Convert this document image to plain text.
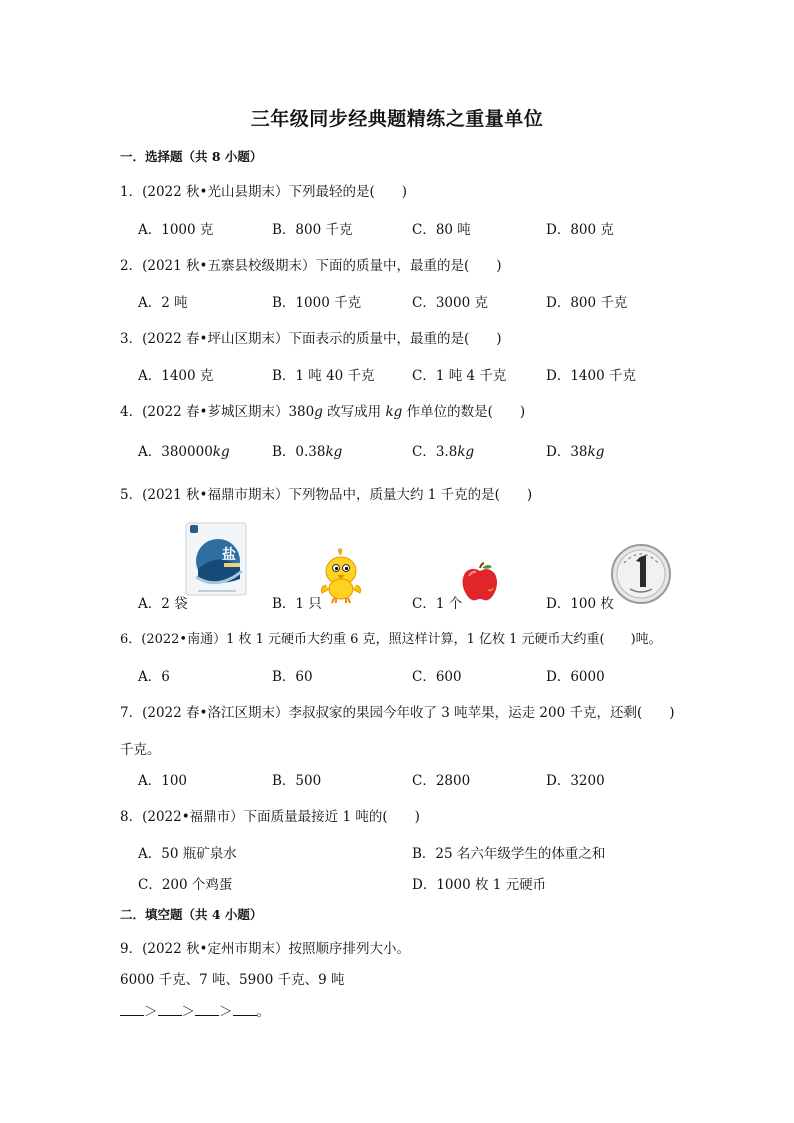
三年级同步经典题精练之重量单位
一．选择题（共 8 小题）
1．(2022 秋•光山县期末）下列最轻的是(　　)
A．1000 克	B．800 千克	C．80 吨	D．800 克
2．(2021 秋•五寨县校级期末）下面的质量中，最重的是(　　)
A．2 吨	B．1000 千克	C．3000 克	D．800 千克
3．(2022 春•坪山区期末）下面表示的质量中，最重的是(　　)
A．1400 克	B．1 吨 40 千克	C．1 吨 4 千克	D．1400 千克
4．(2022 春•芗城区期末）380g 改写成用 kg 作单位的数是(　　)
A．380000kg	B．0.38kg	C．3.8kg	D．38kg
5．(2021 秋•福鼎市期末）下列物品中，质量大约 1 千克的是(　　)
盐
A．2 袋	B．1 只	C．1 个	D．100 枚
6．(2022•南通）1 枚 1 元硬币大约重 6 克，照这样计算，1 亿枚 1 元硬币大约重(　　)吨。
A．6	B．60	C．600	D．6000
7．(2022 春•洛江区期末）李叔叔家的果园今年收了 3 吨苹果，运走 200 千克，还剩(　　)
千克。
A．100	B．500	C．2800	D．3200
8．(2022•福鼎市）下面质量最接近 1 吨的(　　)
A．50 瓶矿泉水	B．25 名六年级学生的体重之和
C．200 个鸡蛋	D．1000 枚 1 元硬币
二．填空题（共 4 小题）
9．(2022 秋•定州市期末）按照顺序排列大小。
6000 千克、7 吨、5900 千克、9 吨
＞ ＞ ＞ 。
